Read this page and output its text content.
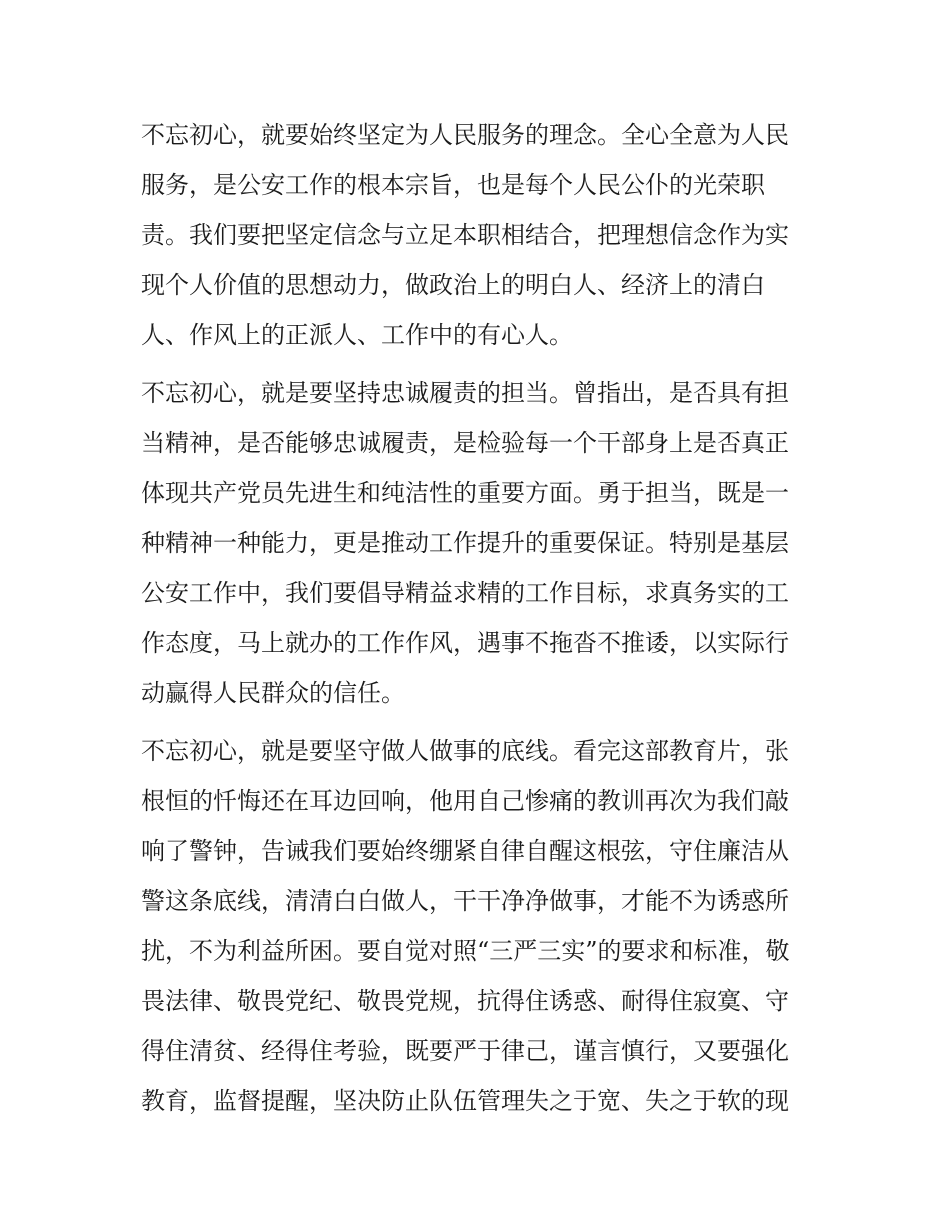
不忘初心，就要始终坚定为人民服务的理念。全心全意为人民
服务，是公安工作的根本宗旨，也是每个人民公仆的光荣职
责。我们要把坚定信念与立足本职相结合，把理想信念作为实
现个人价值的思想动力，做政治上的明白人、经济上的清白
人、作风上的正派人、工作中的有心人。
不忘初心，就是要坚持忠诚履责的担当。曾指出，是否具有担
当精神，是否能够忠诚履责，是检验每一个干部身上是否真正
体现共产党员先进生和纯洁性的重要方面。勇于担当，既是一
种精神一种能力，更是推动工作提升的重要保证。特别是基层
公安工作中，我们要倡导精益求精的工作目标，求真务实的工
作态度，马上就办的工作作风，遇事不拖沓不推诿，以实际行
动赢得人民群众的信任。
不忘初心，就是要坚守做人做事的底线。看完这部教育片，张
根恒的忏悔还在耳边回响，他用自己惨痛的教训再次为我们敲
响了警钟，告诫我们要始终绷紧自律自醒这根弦，守住廉洁从
警这条底线，清清白白做人，干干净净做事，才能不为诱惑所
扰，不为利益所困。要自觉对照“三严三实”的要求和标准，敬
畏法律、敬畏党纪、敬畏党规，抗得住诱惑、耐得住寂寞、守
得住清贫、经得住考验，既要严于律己，谨言慎行，又要强化
教育，监督提醒，坚决防止队伍管理失之于宽、失之于软的现
